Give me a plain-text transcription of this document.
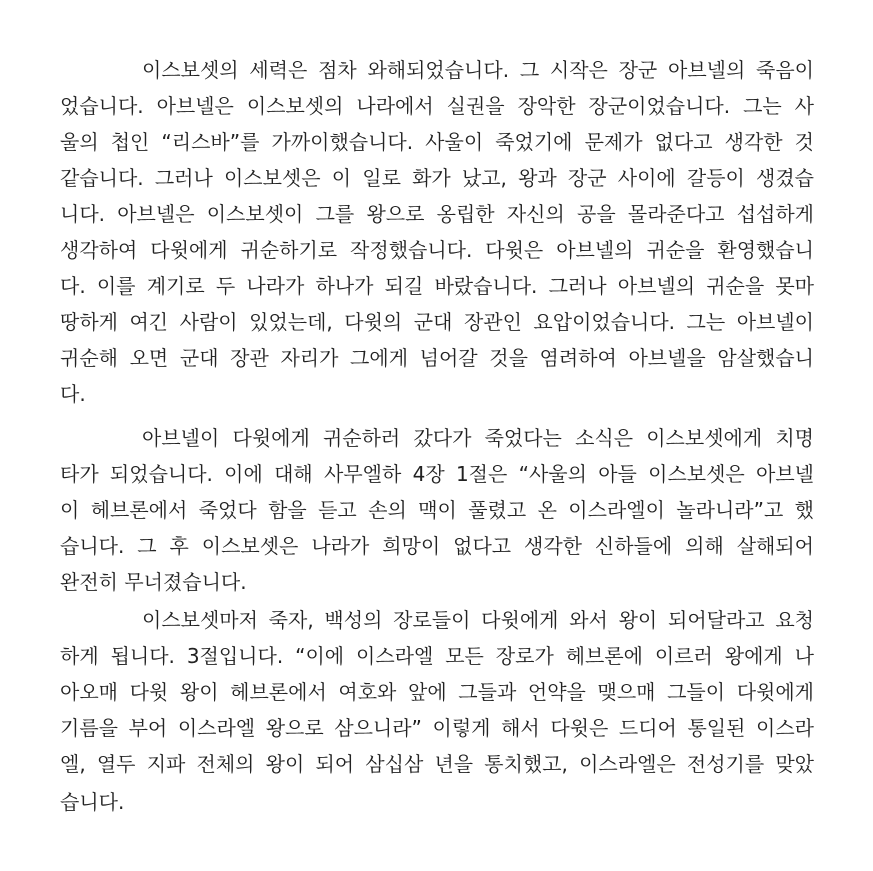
이스보셋의 세력은 점차 와해되었습니다. 그 시작은 장군 아브넬의 죽음이
었습니다. 아브넬은 이스보셋의 나라에서 실권을 장악한 장군이었습니다. 그는 사
울의 첩인 “리스바”를 가까이했습니다. 사울이 죽었기에 문제가 없다고 생각한 것
같습니다. 그러나 이스보셋은 이 일로 화가 났고, 왕과 장군 사이에 갈등이 생겼습
니다. 아브넬은 이스보셋이 그를 왕으로 옹립한 자신의 공을 몰라준다고 섭섭하게
생각하여 다윗에게 귀순하기로 작정했습니다. 다윗은 아브넬의 귀순을 환영했습니
다. 이를 계기로 두 나라가 하나가 되길 바랐습니다. 그러나 아브넬의 귀순을 못마
땅하게 여긴 사람이 있었는데, 다윗의 군대 장관인 요압이었습니다. 그는 아브넬이
귀순해 오면 군대 장관 자리가 그에게 넘어갈 것을 염려하여 아브넬을 암살했습니
다.
아브넬이 다윗에게 귀순하러 갔다가 죽었다는 소식은 이스보셋에게 치명
타가 되었습니다. 이에 대해 사무엘하 4장 1절은 “사울의 아들 이스보셋은 아브넬
이 헤브론에서 죽었다 함을 듣고 손의 맥이 풀렸고 온 이스라엘이 놀라니라”고 했
습니다. 그 후 이스보셋은 나라가 희망이 없다고 생각한 신하들에 의해 살해되어
완전히 무너졌습니다.
이스보셋마저 죽자, 백성의 장로들이 다윗에게 와서 왕이 되어달라고 요청
하게 됩니다. 3절입니다. “이에 이스라엘 모든 장로가 헤브론에 이르러 왕에게 나
아오매 다윗 왕이 헤브론에서 여호와 앞에 그들과 언약을 맺으매 그들이 다윗에게
기름을 부어 이스라엘 왕으로 삼으니라” 이렇게 해서 다윗은 드디어 통일된 이스라
엘, 열두 지파 전체의 왕이 되어 삼십삼 년을 통치했고, 이스라엘은 전성기를 맞았
습니다.
